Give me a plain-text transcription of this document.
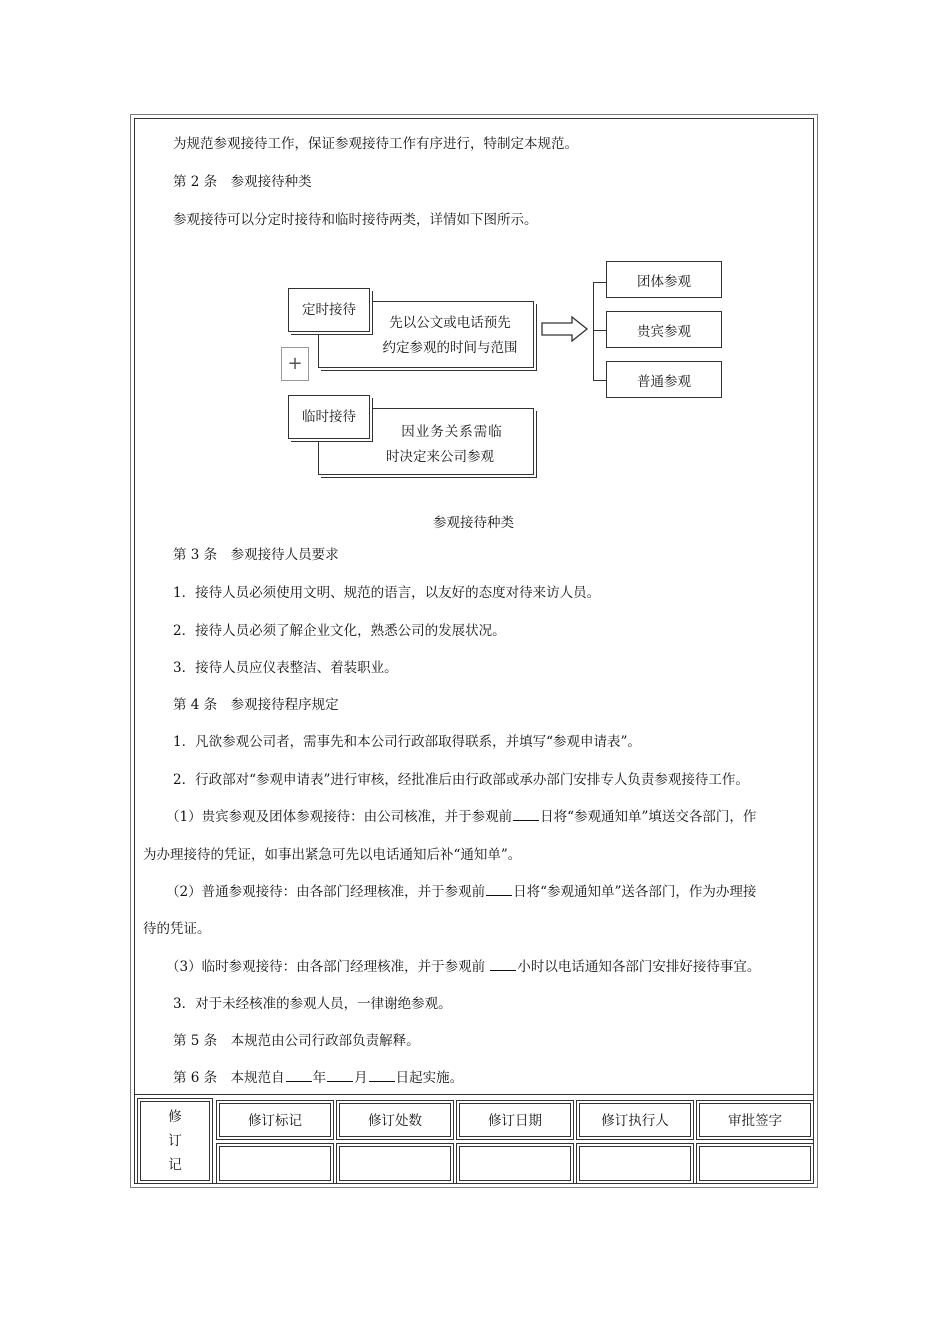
为规范参观接待工作，保证参观接待工作有序进行，特制定本规范。
第 2 条　参观接待种类
参观接待可以分定时接待和临时接待两类，详情如下图所示。
先以公文或电话预先
约定参观的时间与范围
定时接待
团体参观
贵宾参观
普通参观
+
因业务关系需临
时决定来公司参观
临时接待
参观接待种类
第 3 条　参观接待人员要求
1．接待人员必须使用文明、规范的语言，以友好的态度对待来访人员。
2．接待人员必须了解企业文化，熟悉公司的发展状况。
3．接待人员应仪表整洁、着装职业。
第 4 条　参观接待程序规定
1．凡欲参观公司者，需事先和本公司行政部取得联系，并填写“参观申请表”。
2．行政部对“参观申请表”进行审核，经批准后由行政部或承办部门安排专人负责参观接待工作。
（1）贵宾参观及团体参观接待：由公司核准，并于参观前 日将“参观通知单”填送交各部门，作
为办理接待的凭证，如事出紧急可先以电话通知后补“通知单”。
（2）普通参观接待：由各部门经理核准，并于参观前 日将“参观通知单”送各部门，作为办理接
待的凭证。
（3）临时参观接待：由各部门经理核准，并于参观前 小时以电话通知各部门安排好接待事宜。
3．对于未经核准的参观人员，一律谢绝参观。
第 5 条　本规范由公司行政部负责解释。
第 6 条　本规范自 年 月 日起实施。
修
订
记
修订标记	修订处数	修订日期	修订执行人	审批签字
